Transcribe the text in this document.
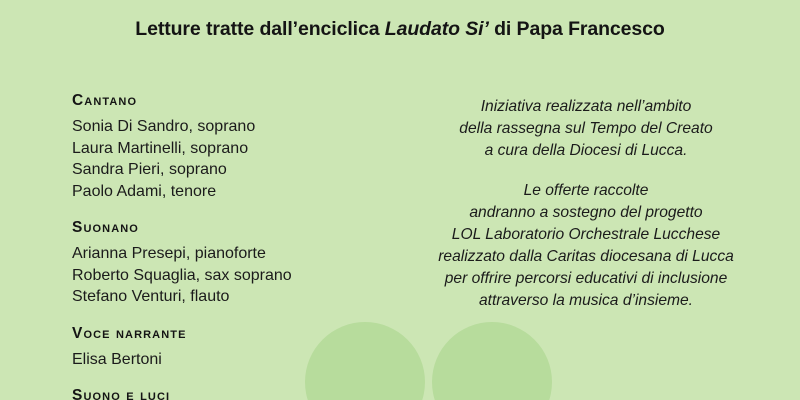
Letture tratte dall’enciclica Laudato Si’ di Papa Francesco
Cantano
Sonia Di Sandro, soprano
Laura Martinelli, soprano
Sandra Pieri, soprano
Paolo Adami, tenore
Suonano
Arianna Presepi, pianoforte
Roberto Squaglia, sax soprano
Stefano Venturi, flauto
Voce narrante
Elisa Bertoni
Suono e luci
Iniziativa realizzata nell’ambito
della rassegna sul Tempo del Creato
a cura della Diocesi di Lucca.
Le offerte raccolte
andranno a sostegno del progetto
LOL Laboratorio Orchestrale Lucchese
realizzato dalla Caritas diocesana di Lucca
per offrire percorsi educativi di inclusione
attraverso la musica d’insieme.
